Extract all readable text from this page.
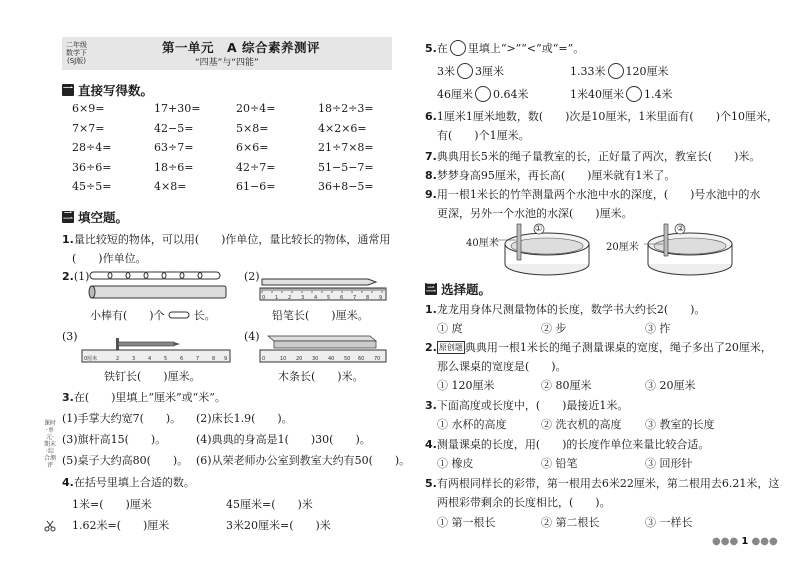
二年级
数学下
(SJ版)
第一单元　A 综合素养测评
“四基”与“四能”
一 直接写得数。
6×9=	17+30=	20÷4=	18÷2÷3=
7×7=	42−5=	5×8=	4×2×6=
28÷4=	63÷7=	6×6=	21÷7×8=
36÷6=	18÷6=	42÷7=	51−5−7=
45÷5=	4×8=	61−6=	36+8−5=
二 填空题。
1.量比较短的物体，可以用(　　)作单位，量比较长的物体，通常用
(　　)作单位。
2.(1)	(2)
(3)	(4)
小棒有(　　)个	长。
0 1 2 3 4 5 6 7 8 9
铅笔长(　　)厘米。
0厘米	2	3	4	5	6	7	8 9
铁钉长(　　)厘米。
0	10 20 30 40 50 60 70
木条长(　　)米。
3.在(　　)里填上“厘米”或“米”。
(1)手掌大约宽7(　　)。 (2)床长1.9(　　)。
(3)旗杆高15(　　)。	(4)典典的身高是1(　　)30(　　)。
(5)桌子大约高80(　　)。 (6)从荣老师办公室到教室大约有50(　　)。
4.在括号里填上合适的数。
1米=(　　)厘米	45厘米=(　　)米
1.62米=(　　)厘米	3米20厘米=(　　)米
课时·单元·期末·综合测评
5.在 里填上“>”“<”或“=”。
3米 3厘米	1.33米 120厘米
46厘米 0.64米	1米40厘米 1.4米
6.1厘米1厘米地数，数(　　)次是10厘米，1米里面有(　　)个10厘米，
有(　　)个1厘米。
7.典典用长5米的绳子量教室的长，正好量了两次，教室长(　　)米。
8.梦梦身高95厘米，再长高(　　)厘米就有1米了。
9.用一根1米长的竹竿测量两个水池中水的深度，(　　)号水池中的水
更深，另外一个水池的水深(　　)厘米。
①
40厘米
②
20厘米
三 选择题。
1.龙龙用身体尺测量物体的长度，数学书大约长2(　　)。
① 庹	② 步	③ 拃
2. 原创题 典典用一根1米长的绳子测量课桌的宽度，绳子多出了20厘米，
那么课桌的宽度是(　　)。
① 120厘米	② 80厘米	③ 20厘米
3.下面高度或长度中，(　　)最接近1米。
① 水杯的高度	② 洗衣机的高度 ③ 教室的长度
4.测量课桌的长度，用(　　)的长度作单位来量比较合适。
① 橡皮	② 铅笔	③ 回形针
5.有两根同样长的彩带，第一根用去6米22厘米，第二根用去6.21米，这
两根彩带剩余的长度相比，(　　)。
① 第一根长	② 第二根长	③ 一样长
●●● 1 ●●●
